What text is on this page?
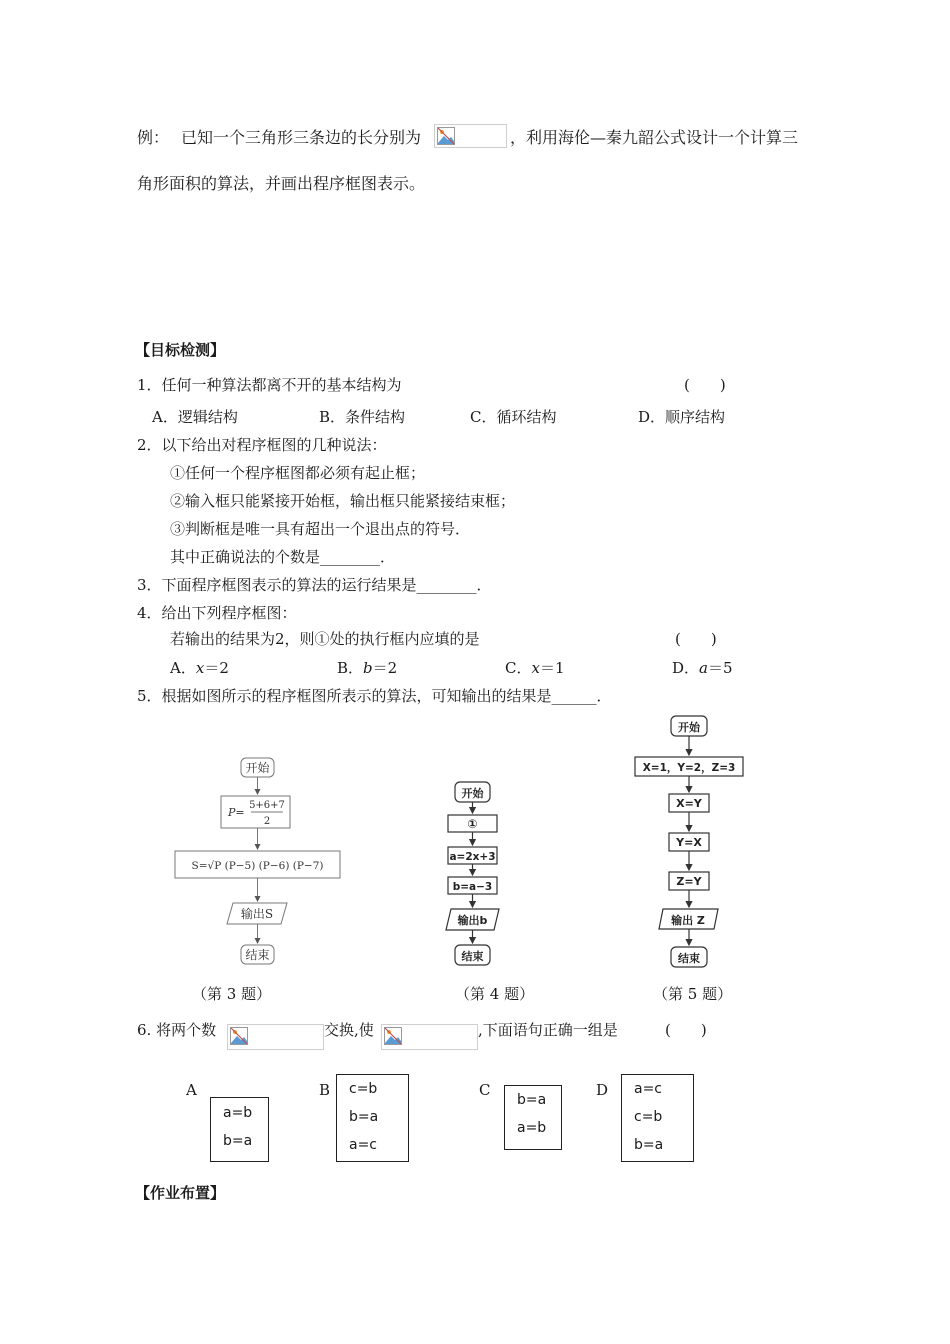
例： 已知一个三角形三条边的长分别为	，利用海伦—秦九韶公式设计一个计算三
角形面积的算法，并画出程序框图表示。
【目标检测】
1．任何一种算法都离不开的基本结构为	(　　)
A．逻辑结构	B．条件结构	C．循环结构	D．顺序结构
2．以下给出对程序框图的几种说法：
①任何一个程序框图都必须有起止框；
②输入框只能紧接开始框，输出框只能紧接结束框；
③判断框是唯一具有超出一个退出点的符号．
其中正确说法的个数是________．
3．下面程序框图表示的算法的运行结果是________．
4．给出下列程序框图：
若输出的结果为2，则①处的执行框内应填的是	(　　)
A．x＝2	B．b＝2	C．x＝1	D．a＝5
5．根据如图所示的程序框图所表示的算法，可知输出的结果是______．
开始
P=
5+6+7
2
S=√P (P−5) (P−6) (P−7)
输出S
结束
（第 3 题）
开始
①
a=2x+3
b=a−3
输出b
结束
（第 4 题）
开始
X=1，Y=2，Z=3
X=Y
Y=X
Z=Y
输出 Z
结束
（第 5 题）
6. 将两个数	交换,使	,下面语句正确一组是	(　　)
A
a=b
b=a
B c=b
b=a
a=c
C
b=a
a=b
D a=c
c=b
b=a
【作业布置】
